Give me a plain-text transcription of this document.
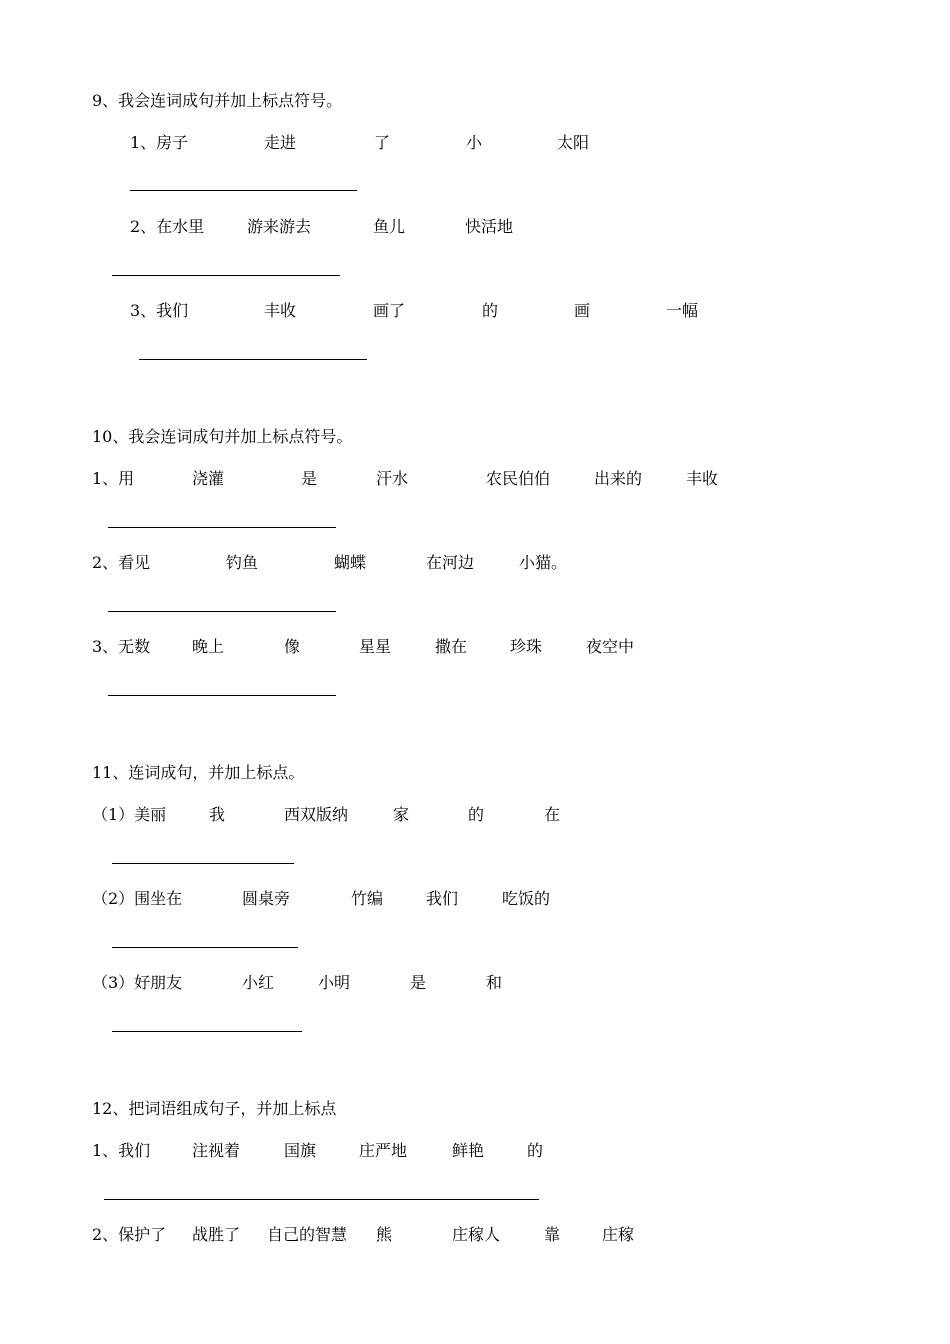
9、我会连词成句并加上标点符号。
1、房子	走进	了	小	太阳
2、在水里	游来游去	鱼儿	快活地
3、我们	丰收	画了	的	画	一幅
10、我会连词成句并加上标点符号。
1、用	浇灌	是	汗水	农民伯伯	出来的	丰收
2、看见	钓鱼	蝴蝶	在河边	小猫。
3、无数	晚上	像	星星	撒在	珍珠	夜空中
11、连词成句，并加上标点。
（1）美丽	我	西双版纳	家	的	在
（2）围坐在	圆桌旁	竹编	我们	吃饭的
（3）好朋友	小红	小明	是	和
12、把词语组成句子，并加上标点
1、我们	注视着	国旗	庄严地	鲜艳	的
2、保护了 战胜了 自己的智慧 熊	庄稼人	靠	庄稼
